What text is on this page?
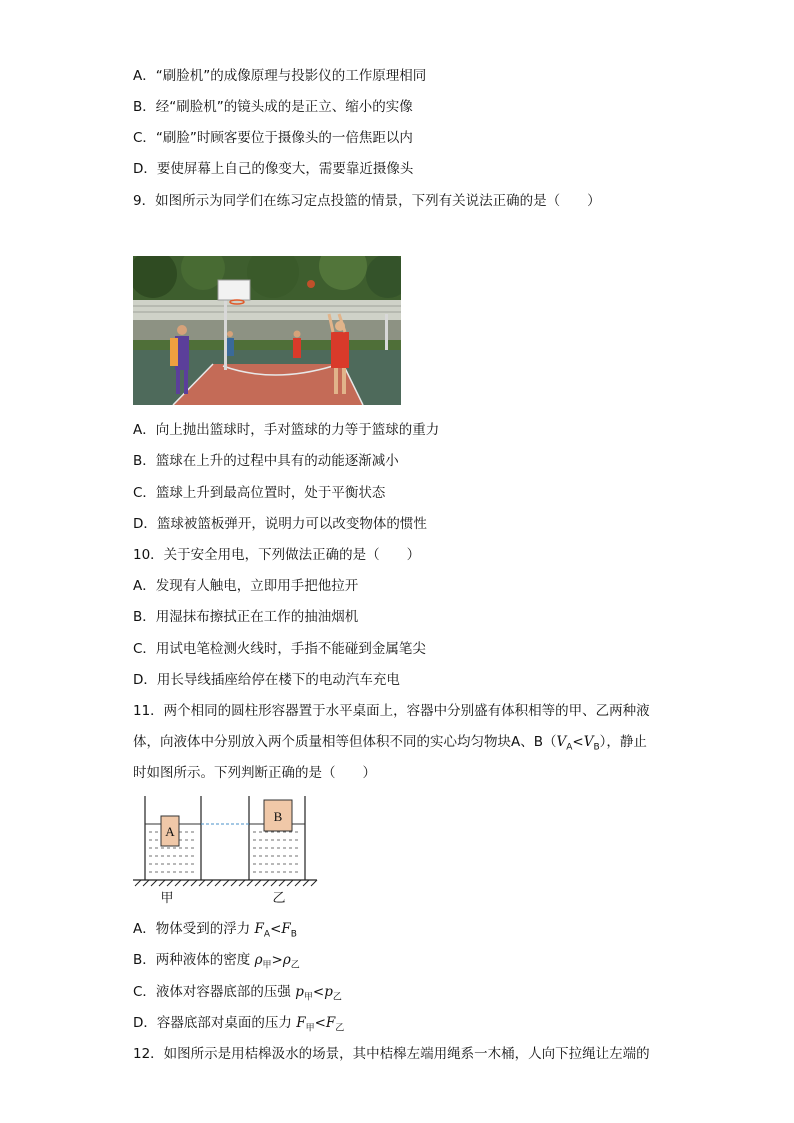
A．“刷脸机”的成像原理与投影仪的工作原理相同
B．经“刷脸机”的镜头成的是正立、缩小的实像
C．“刷脸”时顾客要位于摄像头的一倍焦距以内
D．要使屏幕上自己的像变大，需要靠近摄像头
9．如图所示为同学们在练习定点投篮的情景，下列有关说法正确的是（　　）
A．向上抛出篮球时，手对篮球的力等于篮球的重力
B．篮球在上升的过程中具有的动能逐渐减小
C．篮球上升到最高位置时，处于平衡状态
D．篮球被篮板弹开，说明力可以改变物体的惯性
10．关于安全用电，下列做法正确的是（　　）
A．发现有人触电，立即用手把他拉开
B．用湿抹布擦拭正在工作的抽油烟机
C．用试电笔检测火线时，手指不能碰到金属笔尖
D．用长导线插座给停在楼下的电动汽车充电
11．两个相同的圆柱形容器置于水平桌面上，容器中分别盛有体积相等的甲、乙两种液
体，向液体中分别放入两个质量相等但体积不同的实心均匀物块A、$B(V_A<V_B)$，静止
时如图所示。下列判断正确的是（　　）
A
B
甲	乙
A．物体受到的浮力 $F_A<F_B$
B．两种液体的密度 $\rho_甲>\rho_乙$
C．液体对容器底部的压强 $p_甲<p_乙$
D．容器底部对桌面的压力 $F_甲<F_乙$
12．如图所示是用桔槔汲水的场景，其中桔槔左端用绳系一木桶，人向下拉绳让左端的
